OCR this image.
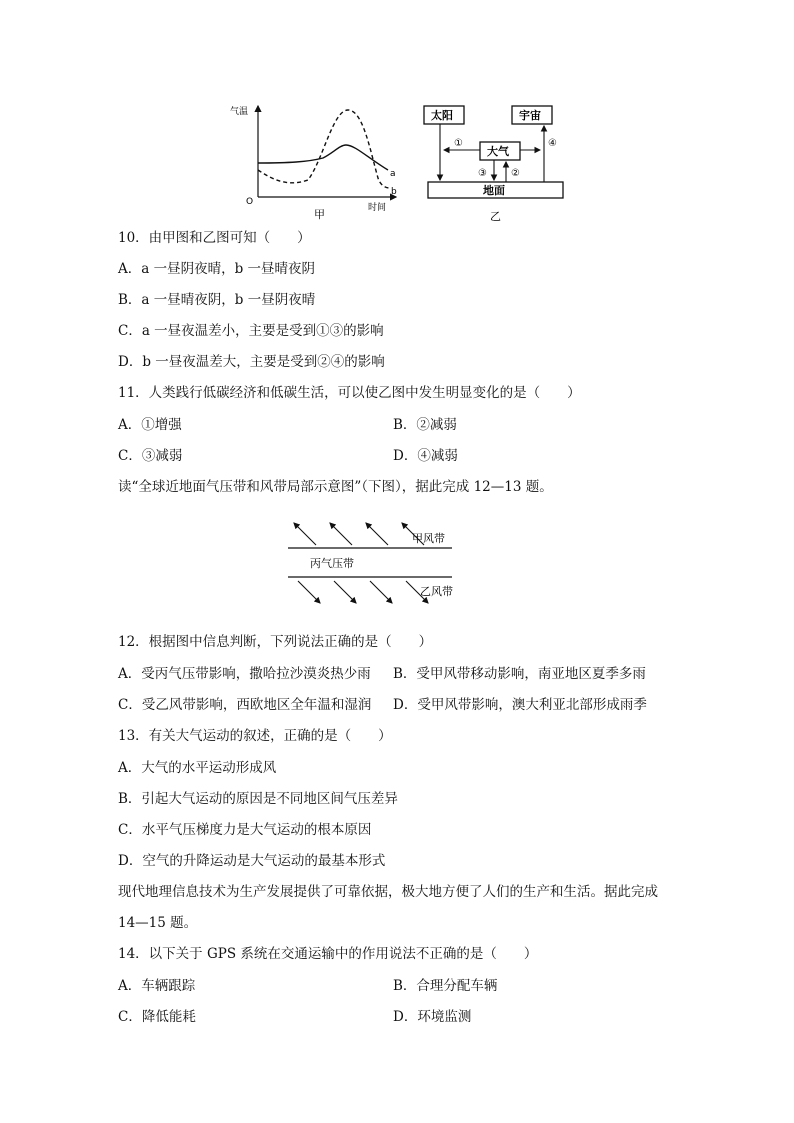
气温
O
a
b
时间
甲
太阳	宇宙
大气
地面
①	④
③ ②
乙
10．由甲图和乙图可知（　　）
A．a 一昼阴夜晴，b 一昼晴夜阴
B．a 一昼晴夜阴，b 一昼阴夜晴
C．a 一昼夜温差小，主要是受到①③的影响
D．b 一昼夜温差大，主要是受到②④的影响
11．人类践行低碳经济和低碳生活，可以使乙图中发生明显变化的是（　　）
A．①增强	B．②减弱
C．③减弱	D．④减弱
读“全球近地面气压带和风带局部示意图”（下图），据此完成 12—13 题。
甲风带
丙气压带
乙风带
12．根据图中信息判断，下列说法正确的是（　　）
A．受丙气压带影响，撒哈拉沙漠炎热少雨 B．受甲风带移动影响，南亚地区夏季多雨
C．受乙风带影响，西欧地区全年温和湿润 D．受甲风带影响，澳大利亚北部形成雨季
13．有关大气运动的叙述，正确的是（　　）
A．大气的水平运动形成风
B．引起大气运动的原因是不同地区间气压差异
C．水平气压梯度力是大气运动的根本原因
D．空气的升降运动是大气运动的最基本形式
现代地理信息技术为生产发展提供了可靠依据，极大地方便了人们的生产和生活。据此完成
14—15 题。
14．以下关于 GPS 系统在交通运输中的作用说法不正确的是（　　）
A．车辆跟踪	B．合理分配车辆
C．降低能耗	D．环境监测
